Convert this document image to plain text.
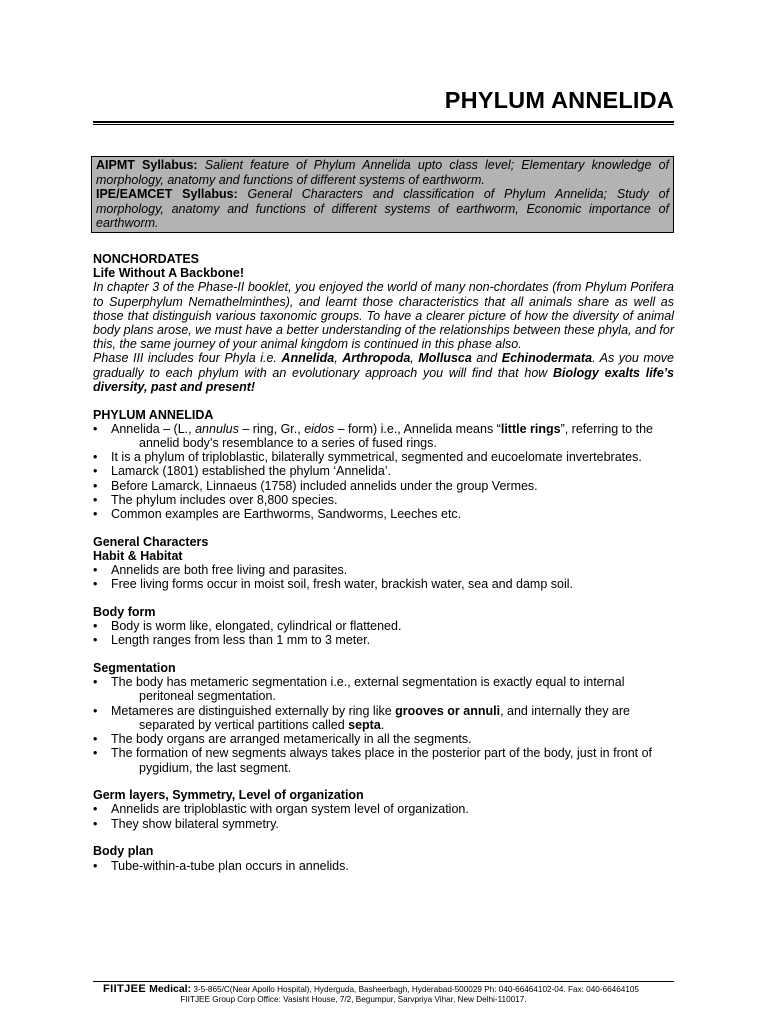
PHYLUM ANNELIDA
AIPMT Syllabus: Salient feature of Phylum Annelida upto class level; Elementary knowledge of morphology, anatomy and functions of different systems of earthworm.
IPE/EAMCET Syllabus: General Characters and classification of Phylum Annelida; Study of morphology, anatomy and functions of different systems of earthworm, Economic importance of earthworm.

NONCHORDATES

Life Without A Backbone!

In chapter 3 of the Phase-II booklet, you enjoyed the world of many non-chordates (from Phylum Porifera to Superphylum Nemathelminthes), and learnt those characteristics that all animals share as well as those that distinguish various taxonomic groups. To have a clearer picture of how the diversity of animal body plans arose, we must have a better understanding of the relationships between these phyla, and for this, the same journey of your animal kingdom is continued in this phase also.

Phase III includes four Phyla i.e. Annelida, Arthropoda, Mollusca and Echinodermata. As you move gradually to each phylum with an evolutionary approach you will find that how Biology exalts life’s diversity, past and present!

PHYLUM ANNELIDA

• Annelida – (L., annulus – ring, Gr., eidos – form) i.e., Annelida means “little rings”, referring to the
annelid body’s resemblance to a series of fused rings.
• It is a phylum of triploblastic, bilaterally symmetrical, segmented and eucoelomate invertebrates.
• Lamarck (1801) established the phylum ‘Annelida’.
• Before Lamarck, Linnaeus (1758) included annelids under the group Vermes.
• The phylum includes over 8,800 species.
• Common examples are Earthworms, Sandworms, Leeches etc.

General Characters

Habit & Habitat

• Annelids are both free living and parasites.
• Free living forms occur in moist soil, fresh water, brackish water, sea and damp soil.

Body form

• Body is worm like, elongated, cylindrical or flattened.
• Length ranges from less than 1 mm to 3 meter.

Segmentation

• The body has metameric segmentation i.e., external segmentation is exactly equal to internal
peritoneal segmentation.
• Metameres are distinguished externally by ring like grooves or annuli, and internally they are
separated by vertical partitions called septa.
• The body organs are arranged metamerically in all the segments.
• The formation of new segments always takes place in the posterior part of the body, just in front of
pygidium, the last segment.

Germ layers, Symmetry, Level of organization

• Annelids are triploblastic with organ system level of organization.
• They show bilateral symmetry.

Body plan

• Tube-within-a-tube plan occurs in annelids.
FIITJEE Medical: 3-5-865/C(Near Apollo Hospital), Hyderguda, Basheerbagh, Hyderabad-500029 Ph: 040-66464102-04. Fax: 040-66464105
FIITJEE Group Corp Office: Vasisht House, 7/2, Begumpur, Sarvpriya Vihar, New Delhi-110017.
